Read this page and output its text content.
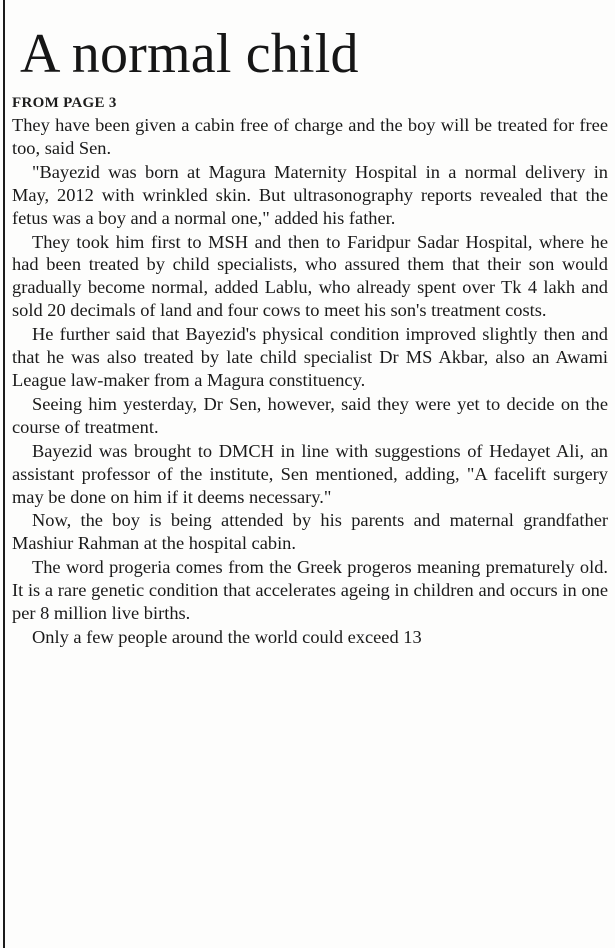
A normal child
FROM PAGE 3

They have been given a cabin free of charge and the boy will be treated for free too, said Sen.

"Bayezid was born at Magura Maternity Hospital in a normal delivery in May, 2012 with wrinkled skin. But ultrasonography reports revealed that the fetus was a boy and a normal one," added his father.

They took him first to MSH and then to Faridpur Sadar Hospital, where he had been treated by child specialists, who assured them that their son would gradually become normal, added Lablu, who already spent over Tk 4 lakh and sold 20 decimals of land and four cows to meet his son's treatment costs.

He further said that Bayezid's physical condition improved slightly then and that he was also treated by late child specialist Dr MS Akbar, also an Awami League law-maker from a Magura constituency.

Seeing him yesterday, Dr Sen, however, said they were yet to decide on the course of treatment.

Bayezid was brought to DMCH in line with suggestions of Hedayet Ali, an assistant professor of the institute, Sen mentioned, adding, "A facelift surgery may be done on him if it deems necessary."

Now, the boy is being attended by his parents and maternal grandfather Mashiur Rahman at the hospital cabin.

The word progeria comes from the Greek progeros meaning prematurely old. It is a rare genetic condition that accelerates ageing in children and occurs in one per 8 million live births.

Only a few people around the world could exceed 13
